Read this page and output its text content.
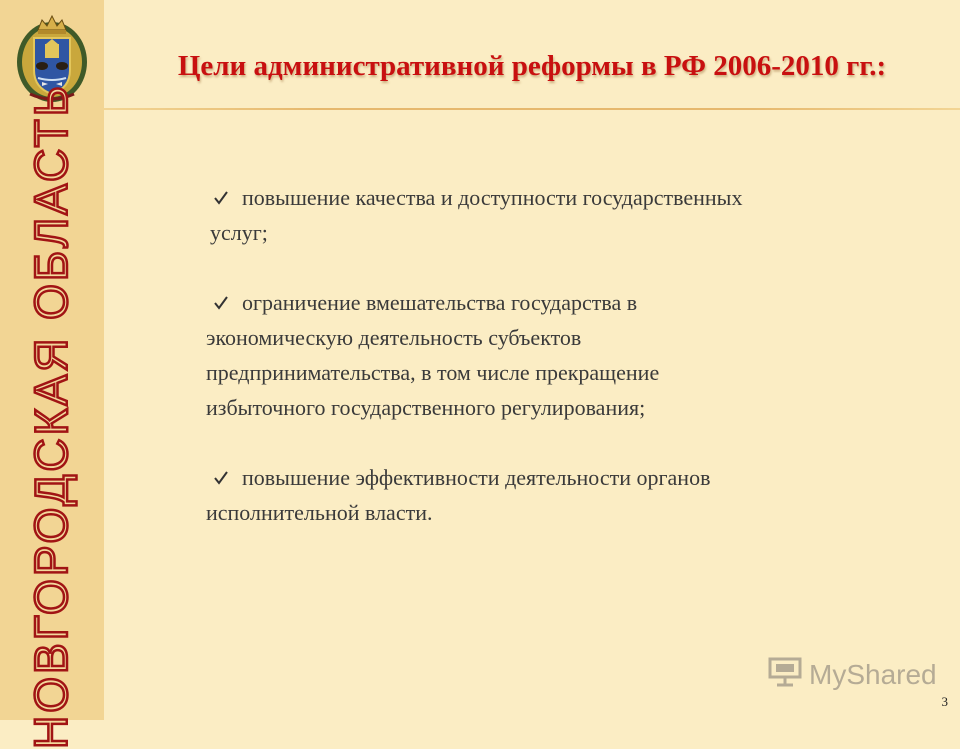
НОВГОРОДСКАЯ ОБЛАСТЬ
Цели административной реформы в РФ 2006-2010 гг.:
повышение качества и доступности государственных
услуг;
ограничение вмешательства государства в
экономическую деятельность субъектов
предпринимательства, в том числе прекращение
избыточного государственного регулирования;
повышение эффективности деятельности органов
исполнительной власти.
MyShared
3
